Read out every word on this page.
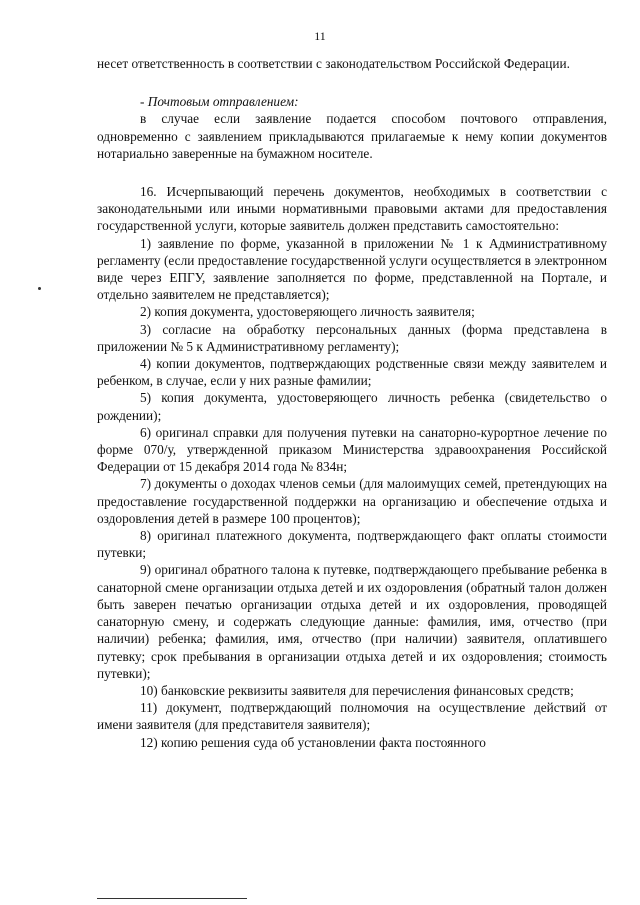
11

несет ответственность в соответствии с законодательством Российской Федерации.

- Почтовым отправлением:

в случае если заявление подается способом почтового отправления, одновременно с заявлением прикладываются прилагаемые к нему копии документов нотариально заверенные на бумажном носителе.

16. Исчерпывающий перечень документов, необходимых в соответствии с законодательными или иными нормативными правовыми актами для предоставления государственной услуги, которые заявитель должен представить самостоятельно:

1) заявление по форме, указанной в приложении № 1 к Административному регламенту (если предоставление государственной услуги осуществляется в электронном виде через ЕПГУ, заявление заполняется по форме, представленной на Портале, и отдельно заявителем не представляется);

2) копия документа, удостоверяющего личность заявителя;

3) согласие на обработку персональных данных (форма представлена в приложении № 5 к Административному регламенту);

4) копии документов, подтверждающих родственные связи между заявителем и ребенком, в случае, если у них разные фамилии;

5) копия документа, удостоверяющего личность ребенка (свидетельство о рождении);

6) оригинал справки для получения путевки на санаторно-курортное лечение по форме 070/у, утвержденной приказом Министерства здравоохранения Российской Федерации от 15 декабря 2014 года № 834н;

7) документы о доходах членов семьи (для малоимущих семей, претендующих на предоставление государственной поддержки на организацию и обеспечение отдыха и оздоровления детей в размере 100 процентов);

8) оригинал платежного документа, подтверждающего факт оплаты стоимости путевки;

9) оригинал обратного талона к путевке, подтверждающего пребывание ребенка в санаторной смене организации отдыха детей и их оздоровления (обратный талон должен быть заверен печатью организации отдыха детей и их оздоровления, проводящей санаторную смену, и содержать следующие данные: фамилия, имя, отчество (при наличии) ребенка; фамилия, имя, отчество (при наличии) заявителя, оплатившего путевку; срок пребывания в организации отдыха детей и их оздоровления; стоимость путевки);

10) банковские реквизиты заявителя для перечисления финансовых средств;

11) документ, подтверждающий полномочия на осуществление действий от имени заявителя (для представителя заявителя);

12) копию решения суда об установлении факта постоянного
